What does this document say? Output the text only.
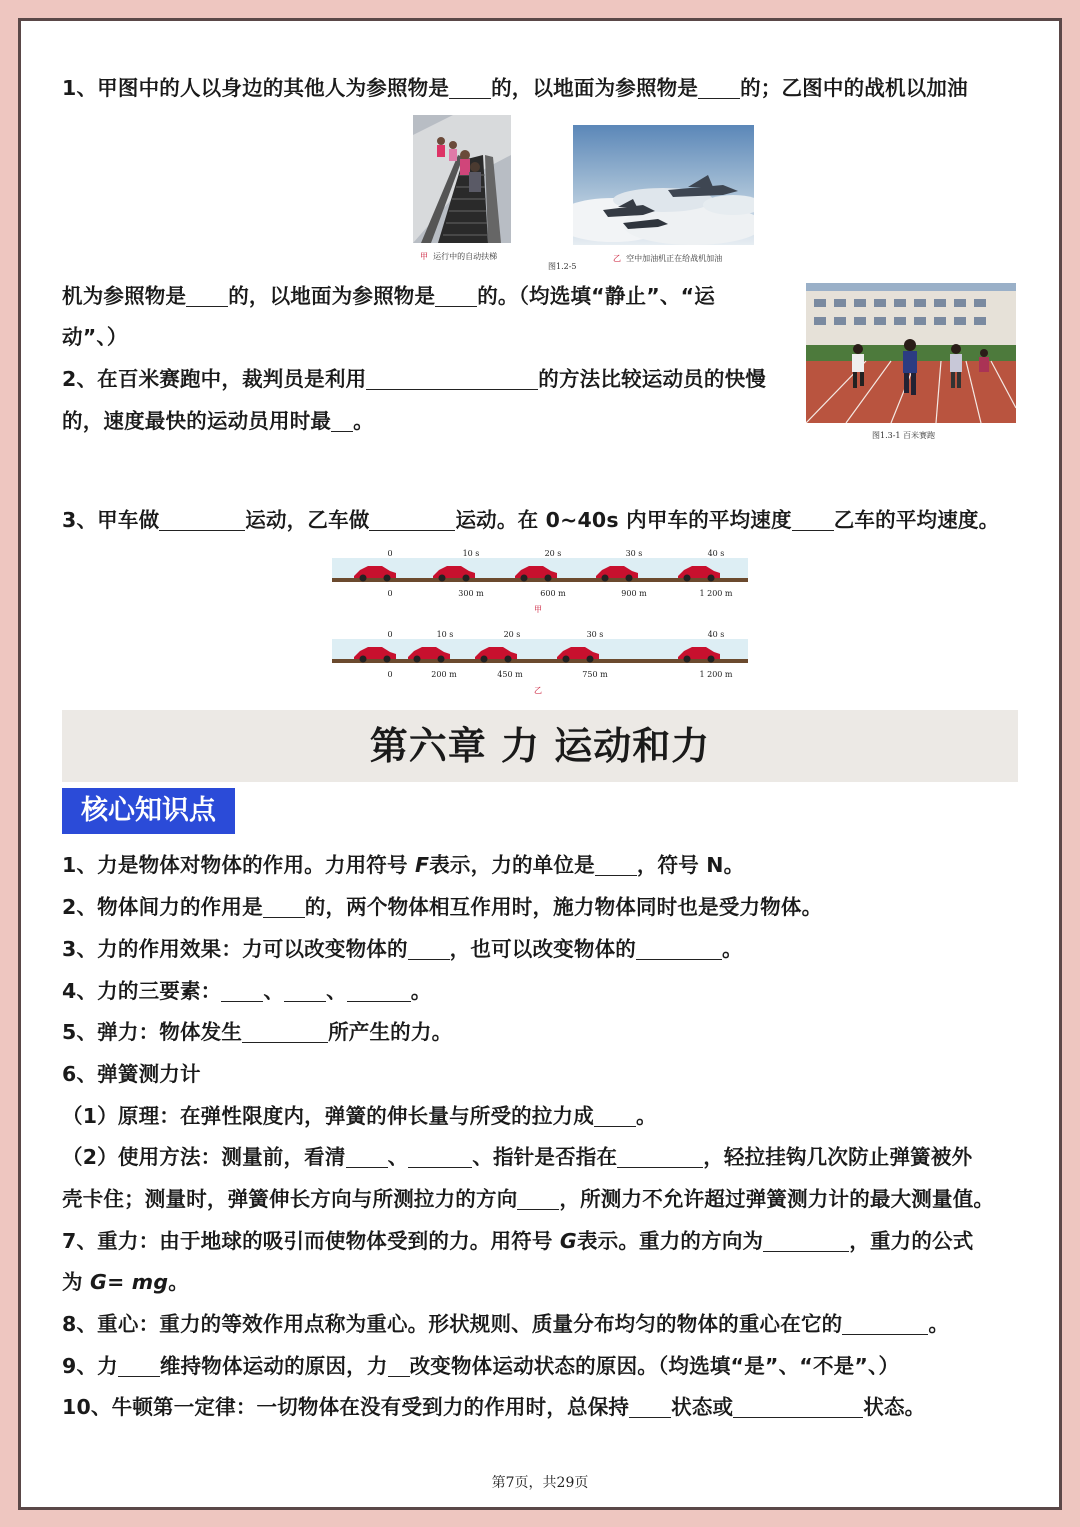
1、甲图中的人以身边的其他人为参照物是 的，以地面为参照物是 的；乙图中的战机以加油
甲 运行中的自动扶梯
图1.2-5
乙 空中加油机正在给战机加油
机为参照物是 的，以地面为参照物是 的。（均选填“静止”、“运
动”、）
图1.3-1 百米赛跑
2、在百米赛跑中，裁判员是利用	的方法比较运动员的快慢
的，速度最快的运动员用时最 。
3、甲车做	运动，乙车做	运动。在 0~40s 内甲车的平均速度 乙车的平均速度。
0	10 s	20 s	30 s	40 s
0	300 m	600 m	900 m	1 200 m
甲
0	10 s	20 s	30 s	40 s
0	200 m	450 m	750 m	1 200 m
乙
第六章 力 运动和力
核心知识点
1、力是物体对物体的作用。力用符号 F表示，力的单位是 ，符号 N。
2、物体间力的作用是 的，两个物体相互作用时，施力物体同时也是受力物体。
3、力的作用效果：力可以改变物体的 ，也可以改变物体的	。
4、力的三要素： 、 、	。
5、弹力：物体发生	所产生的力。
6、弹簧测力计
（1）原理：在弹性限度内，弹簧的伸长量与所受的拉力成 。
（2）使用方法：测量前，看清 、	、指针是否指在	，轻拉挂钩几次防止弹簧被外
壳卡住；测量时，弹簧伸长方向与所测拉力的方向 ，所测力不允许超过弹簧测力计的最大测量值。
7、重力：由于地球的吸引而使物体受到的力。用符号 G表示。重力的方向为	，重力的公式
为 G= mg。
8、重心：重力的等效作用点称为重心。形状规则、质量分布均匀的物体的重心在它的	。
9、力 维持物体运动的原因，力 改变物体运动状态的原因。（均选填“是”、“不是”、）
10、牛顿第一定律：一切物体在没有受到力的作用时，总保持 状态或	状态。
第7页，共29页
